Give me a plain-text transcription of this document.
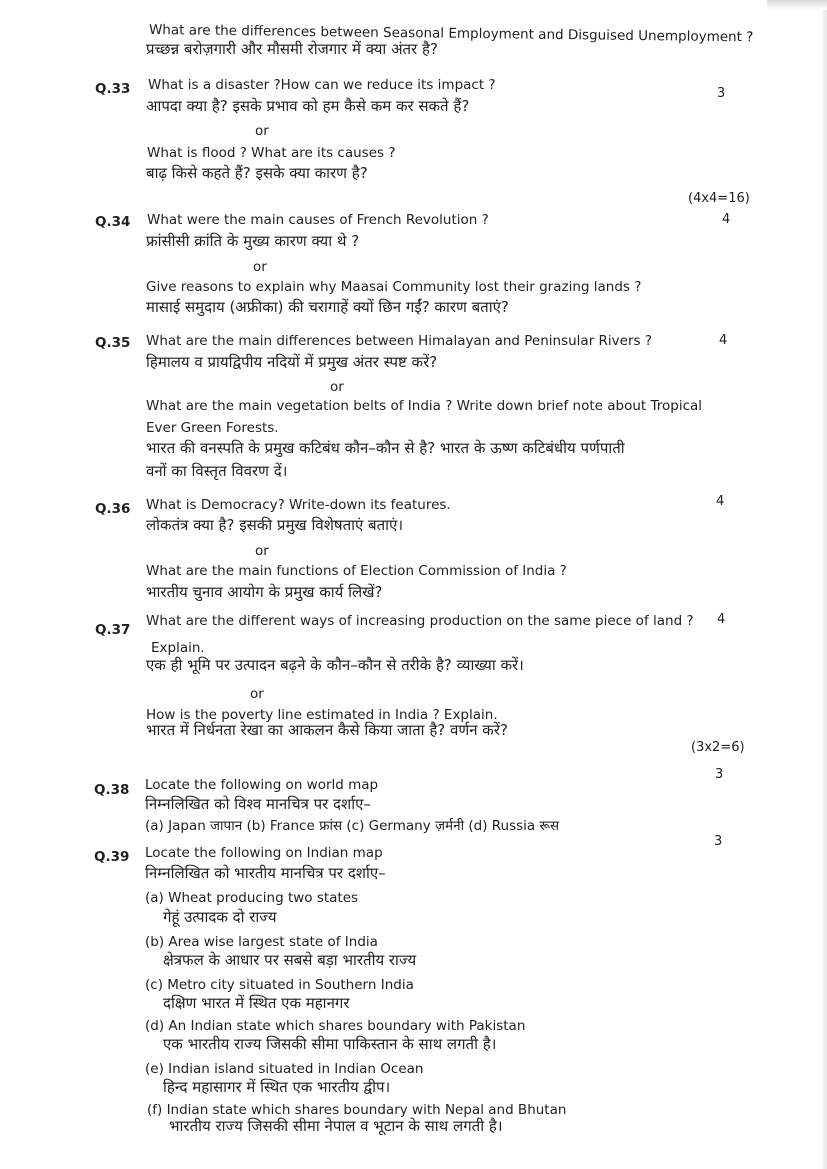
What are the differences between Seasonal Employment and Disguised Unemployment ?
प्रच्छन्न बरोज़गारी और मौसमी रोजगार में क्या अंतर है?
Q.33 What is a disaster ?How can we reduce its impact ?
3
आपदा क्या है? इसके प्रभाव को हम कैसे कम कर सकते हैं?
or
What is flood ? What are its causes ?
बाढ़ किसे कहते हैं? इसके क्या कारण है?
(4x4=16)
Q.34 What were the main causes of French Revolution ?	4
फ्रांसीसी क्रांति के मुख्य कारण क्या थे ?
or
Give reasons to explain why Maasai Community lost their grazing lands ?
मासाई समुदाय (अफ्रीका) की चरागाहें क्यों छिन गईं? कारण बताएं?
Q.35 What are the main differences between Himalayan and Peninsular Rivers ?	4
हिमालय व प्रायद्विपीय नदियों में प्रमुख अंतर स्पष्ट करें?
or
What are the main vegetation belts of India ? Write down brief note about Tropical
Ever Green Forests.
भारत की वनस्पति के प्रमुख कटिबंध कौन–कौन से है? भारत के ऊष्ण कटिबंधीय पर्णपाती
वनों का विस्तृत विवरण दें।
Q.36 What is Democracy? Write-down its features.	4
लोकतंत्र क्या है? इसकी प्रमुख विशेषताएं बताएं।
or
What are the main functions of Election Commission of India ?
भारतीय चुनाव आयोग के प्रमुख कार्य लिखें?
Q.37
What are the different ways of increasing production on the same piece of land ? 4
Explain.
एक ही भूमि पर उत्पादन बढ़ने के कौन–कौन से तरीके है? व्याख्या करें।
or
How is the poverty line estimated in India ? Explain.
भारत में निर्धनता रेखा का आकलन कैसे किया जाता है? वर्णन करें?
(3x2=6)
3
Q.38 Locate the following on world map
निम्नलिखित को विश्व मानचित्र पर दर्शाए–
(a) Japan जापान (b) France फ्रांस (c) Germany ज़र्मनी (d) Russia रूस
3
Q.39 Locate the following on Indian map
निम्नलिखित को भारतीय मानचित्र पर दर्शाए–
(a) Wheat producing two states
गेहूं उत्पादक दो राज्य
(b) Area wise largest state of India
क्षेत्रफल के आधार पर सबसे बड़ा भारतीय राज्य
(c) Metro city situated in Southern India
दक्षिण भारत में स्थित एक महानगर
(d) An Indian state which shares boundary with Pakistan
एक भारतीय राज्य जिसकी सीमा पाकिस्तान के साथ लगती है।
(e) Indian island situated in Indian Ocean
हिन्द महासागर में स्थित एक भारतीय द्वीप।
(f) Indian state which shares boundary with Nepal and Bhutan
भारतीय राज्य जिसकी सीमा नेपाल व भूटान के साथ लगती है।
